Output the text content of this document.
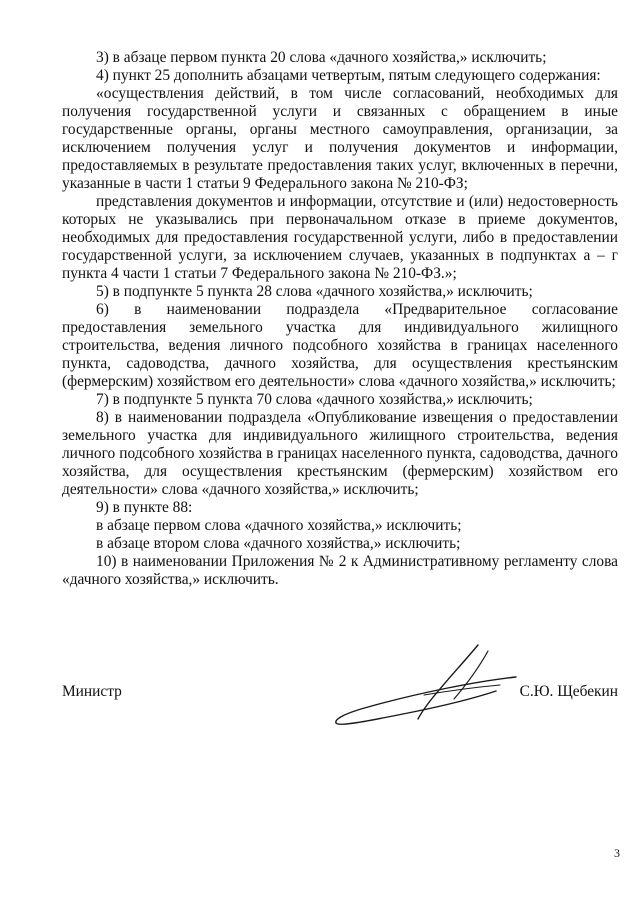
3) в абзаце первом пункта 20 слова «дачного хозяйства,» исключить;

4) пункт 25 дополнить абзацами четвертым, пятым следующего содержания:

«осуществления действий, в том числе согласований, необходимых для получения государственной услуги и связанных с обращением в иные государственные органы, органы местного самоуправления, организации, за исключением получения услуг и получения документов и информации, предоставляемых в результате предоставления таких услуг, включенных в перечни, указанные в части 1 статьи 9 Федерального закона № 210-ФЗ;

представления документов и информации, отсутствие и (или) недостоверность которых не указывались при первоначальном отказе в приеме документов, необходимых для предоставления государственной услуги, либо в предоставлении государственной услуги, за исключением случаев, указанных в подпунктах а – г пункта 4 части 1 статьи 7 Федерального закона № 210-ФЗ.»;

5) в подпункте 5 пункта 28 слова «дачного хозяйства,» исключить;

6) в наименовании подраздела «Предварительное согласование предоставления земельного участка для индивидуального жилищного строительства, ведения личного подсобного хозяйства в границах населенного пункта, садоводства, дачного хозяйства, для осуществления крестьянским (фермерским) хозяйством его деятельности» слова «дачного хозяйства,» исключить;

7) в подпункте 5 пункта 70 слова «дачного хозяйства,» исключить;

8) в наименовании подраздела «Опубликование извещения о предоставлении земельного участка для индивидуального жилищного строительства, ведения личного подсобного хозяйства в границах населенного пункта, садоводства, дачного хозяйства, для осуществления крестьянским (фермерским) хозяйством его деятельности» слова «дачного хозяйства,» исключить;

9) в пункте 88:

в абзаце первом слова «дачного хозяйства,» исключить;

в абзаце втором слова «дачного хозяйства,» исключить;

10) в наименовании Приложения № 2 к Административному регламенту слова «дачного хозяйства,» исключить.

Министр	С.Ю. Щебекин
3
